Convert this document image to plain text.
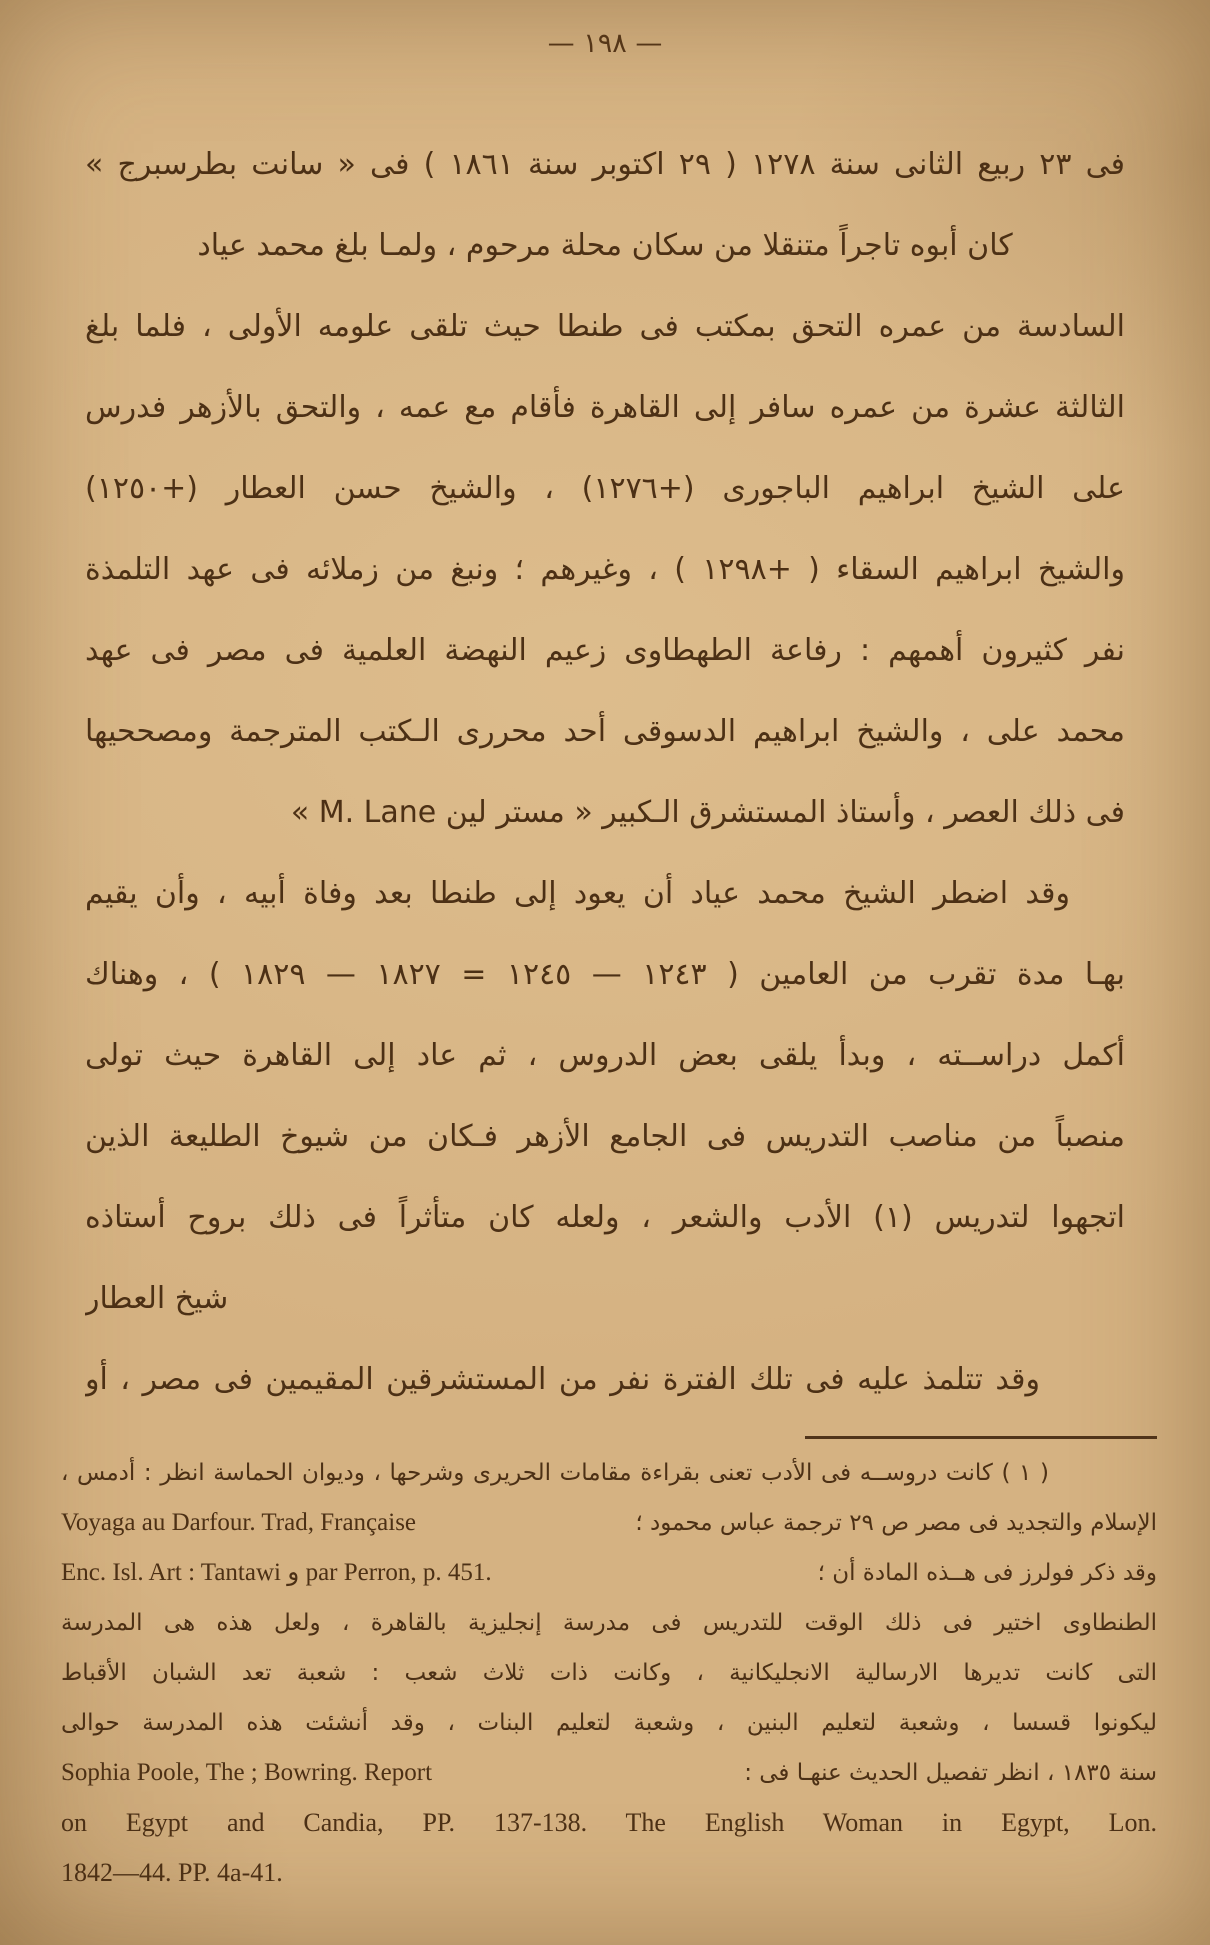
— ١٩٨ —
فى ٢٣ ربيع الثانى سنة ١٢٧٨ ( ٢٩ اكتوبر سنة ١٨٦١ ) فى « سانت بطرسبرج »
كان أبوه تاجراً متنقلا من سكان محلة مرحوم ، ولمـا بلغ محمد عياد
السادسة من عمره التحق بمكتب فى طنطا حيث تلقى علومه الأولى ، فلما بلغ
الثالثة عشرة من عمره سافر إلى القاهرة فأقام مع عمه ، والتحق بالأزهر فدرس
على الشيخ ابراهيم الباجورى (+١٢٧٦) ، والشيخ حسن العطار (+١٢٥٠)
والشيخ ابراهيم السقاء ( +١٢٩٨ ) ، وغيرهم ؛ ونبغ من زملائه فى عهد التلمذة
نفر كثيرون أهمهم : رفاعة الطهطاوى زعيم النهضة العلمية فى مصر فى عهد
محمد على ، والشيخ ابراهيم الدسوقى أحد محررى الـكتب المترجمة ومصححيها
فى ذلك العصر ، وأستاذ المستشرق الـكبير « مستر لين M. Lane »
وقد اضطر الشيخ محمد عياد أن يعود إلى طنطا بعد وفاة أبيه ، وأن يقيم
بهـا مدة تقرب من العامين ( ١٢٤٣ — ١٢٤٥ = ١٨٢٧ — ١٨٢٩ ) ، وهناك
أكمل دراســته ، وبدأ يلقى بعض الدروس ، ثم عاد إلى القاهرة حيث تولى
منصباً من مناصب التدريس فى الجامع الأزهر فـكان من شيوخ الطليعة الذين
اتجهوا لتدريس (١) الأدب والشعر ، ولعله كان متأثراً فى ذلك بروح أستاذه
شيخ العطار
وقد تتلمذ عليه فى تلك الفترة نفر من المستشرقين المقيمين فى مصر ، أو
( ١ ) كانت دروســه فى الأدب تعنى بقراءة مقامات الحريرى وشرحها ، وديوان الحماسة انظر : أدمس ،
Voyaga au Darfour. Trad, Française	الإسلام والتجديد فى مصر ص ٢٩ ترجمة عباس محمود ؛
Enc. Isl. Art : Tantawi و par Perron, p. 451.	وقد ذكر فولرز فى هــذه المادة أن ؛
الطنطاوى اختير فى ذلك الوقت للتدريس فى مدرسة إنجليزية بالقاهرة ، ولعل هذه هى المدرسة
التى كانت تديرها الارسالية الانجليكانية ، وكانت ذات ثلاث شعب : شعبة تعد الشبان الأقباط
ليكونوا قسسا ، وشعبة لتعليم البنين ، وشعبة لتعليم البنات ، وقد أنشئت هذه المدرسة حوالى
Sophia Poole, The ; Bowring. Report	سنة ١٨٣٥ ، انظر تفصيل الحديث عنهـا فى :
on Egypt and Candia, PP. 137-138. The English Woman in Egypt, Lon.
1842—44. PP. 4a-41.
